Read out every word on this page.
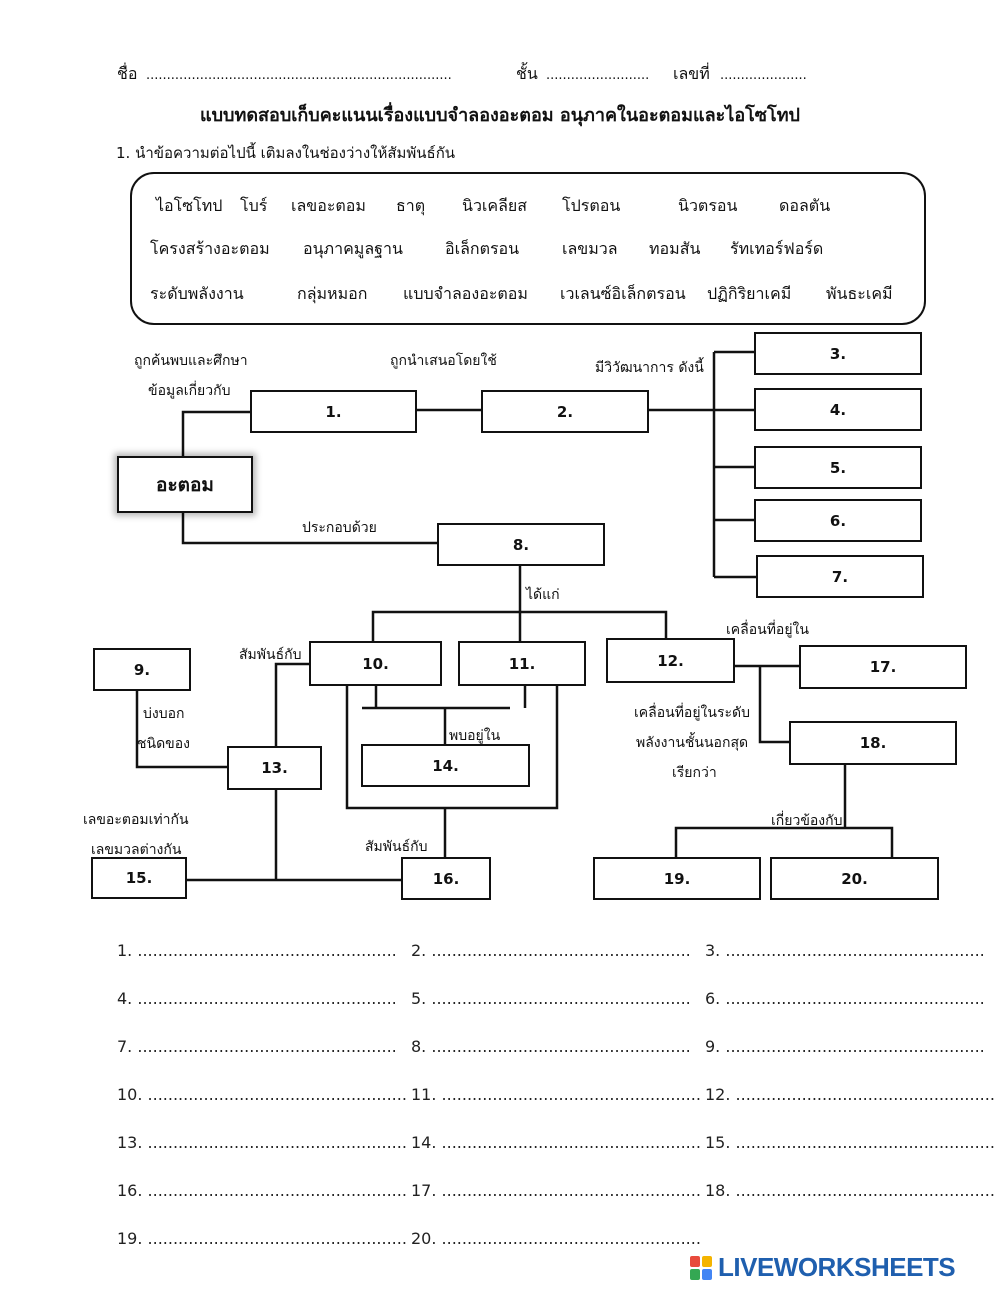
ชื่อ ..........................................................................	ชั้น ......................... เลขที่ .....................
แบบทดสอบเก็บคะแนนเรื่องแบบจำลองอะตอม อนุภาคในอะตอมและไอโซโทป
1. นำข้อความต่อไปนี้ เติมลงในช่องว่างให้สัมพันธ์กัน
ไอโซโทป โบร์ เลขอะตอม ธาตุ นิวเคลียส โปรตอน	นิวตรอน	ดอลตัน
โครงสร้างอะตอม อนุภาคมูลฐาน	อิเล็กตรอน	เลขมวล ทอมสัน รัทเทอร์ฟอร์ด
ระดับพลังงาน	กลุ่มหมอก แบบจำลองอะตอม เวเลนซ์อิเล็กตรอน ปฏิกิริยาเคมี พันธะเคมี
อะตอม
1.	2.
3.
4.
5.
6.
7.
8.
9.	10.	11.	12.
13.	14.
15.	16.
17.
18.
19.	20.
ถูกค้นพบและศึกษา
ข้อมูลเกี่ยวกับ
ถูกนำเสนอโดยใช้	มีวิวัฒนาการ ดังนี้
ประกอบด้วย
ได้แก่
สัมพันธ์กับ
เคลื่อนที่อยู่ใน
บ่งบอก
ชนิดของ	พบอยู่ใน
เคลื่อนที่อยู่ในระดับ
พลังงานชั้นนอกสุด
เรียกว่า
เลขอะตอมเท่ากัน
เลขมวลต่างกัน	สัมพันธ์กับ
เกี่ยวข้องกับ
1. ................................................... 2. ................................................... 3. ...................................................
4. ................................................... 5. ................................................... 6. ...................................................
7. ................................................... 8. ................................................... 9. ...................................................
10. ................................................... 11. ................................................... 12. ...................................................
13. ................................................... 14. ................................................... 15. ...................................................
16. ................................................... 17. ................................................... 18. ...................................................
19. ................................................... 20. ...................................................
LIVEWORKSHEETS
